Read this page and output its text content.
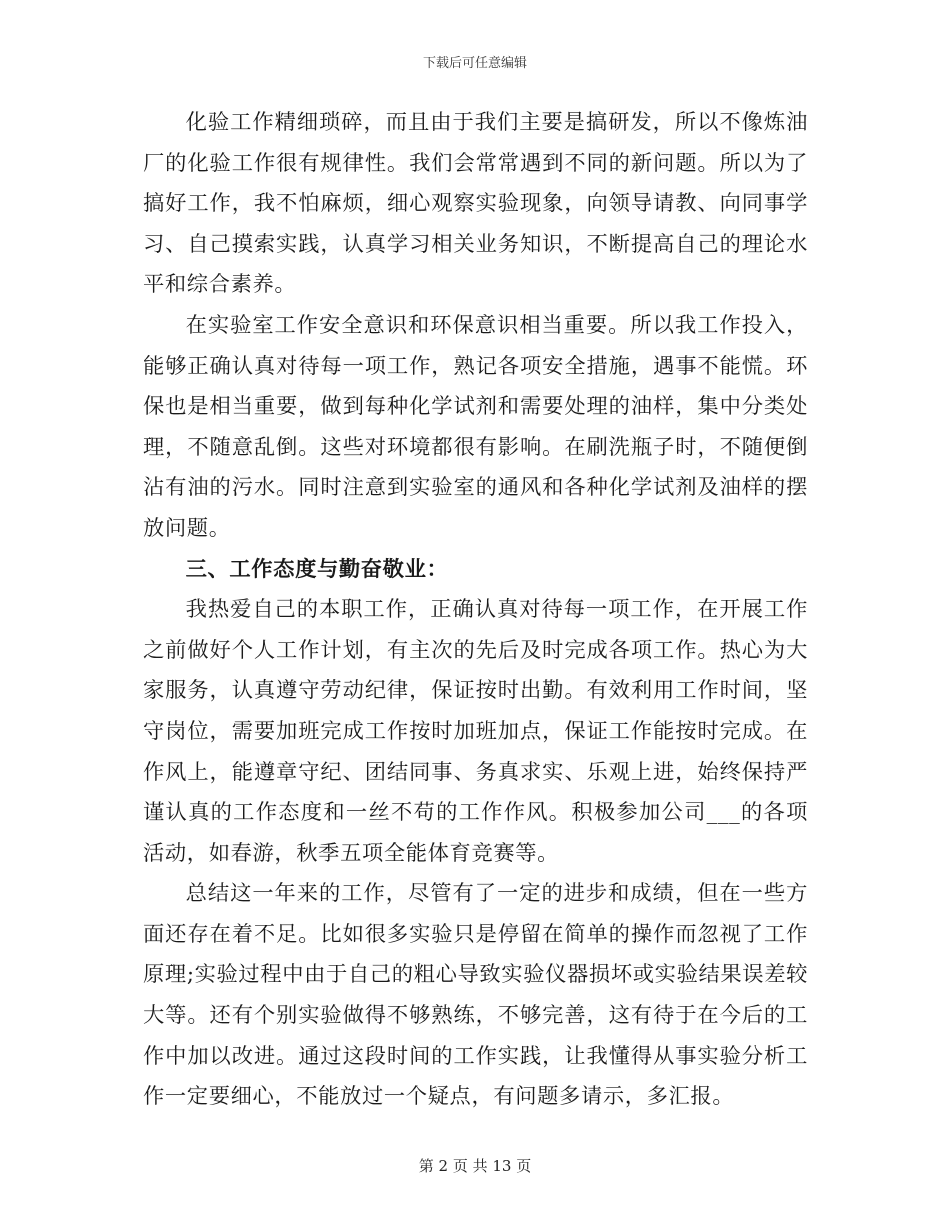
下载后可任意编辑

化验工作精细琐碎，而且由于我们主要是搞研发，所以不像炼油厂的化验工作很有规律性。我们会常常遇到不同的新问题。所以为了搞好工作，我不怕麻烦，细心观察实验现象，向领导请教、向同事学习、自己摸索实践，认真学习相关业务知识，不断提高自己的理论水平和综合素养。

在实验室工作安全意识和环保意识相当重要。所以我工作投入，能够正确认真对待每一项工作，熟记各项安全措施，遇事不能慌。环保也是相当重要，做到每种化学试剂和需要处理的油样，集中分类处理，不随意乱倒。这些对环境都很有影响。在刷洗瓶子时，不随便倒沾有油的污水。同时注意到实验室的通风和各种化学试剂及油样的摆放问题。

三、工作态度与勤奋敬业：

我热爱自己的本职工作，正确认真对待每一项工作，在开展工作之前做好个人工作计划，有主次的先后及时完成各项工作。热心为大家服务，认真遵守劳动纪律，保证按时出勤。有效利用工作时间，坚守岗位，需要加班完成工作按时加班加点，保证工作能按时完成。在作风上，能遵章守纪、团结同事、务真求实、乐观上进，始终保持严谨认真的工作态度和一丝不苟的工作作风。积极参加公司___的各项活动，如春游，秋季五项全能体育竞赛等。

总结这一年来的工作，尽管有了一定的进步和成绩，但在一些方面还存在着不足。比如很多实验只是停留在简单的操作而忽视了工作原理;实验过程中由于自己的粗心导致实验仪器损坏或实验结果误差较大等。还有个别实验做得不够熟练，不够完善，这有待于在今后的工作中加以改进。通过这段时间的工作实践，让我懂得从事实验分析工作一定要细心，不能放过一个疑点，有问题多请示，多汇报。

第 2 页 共 13 页
